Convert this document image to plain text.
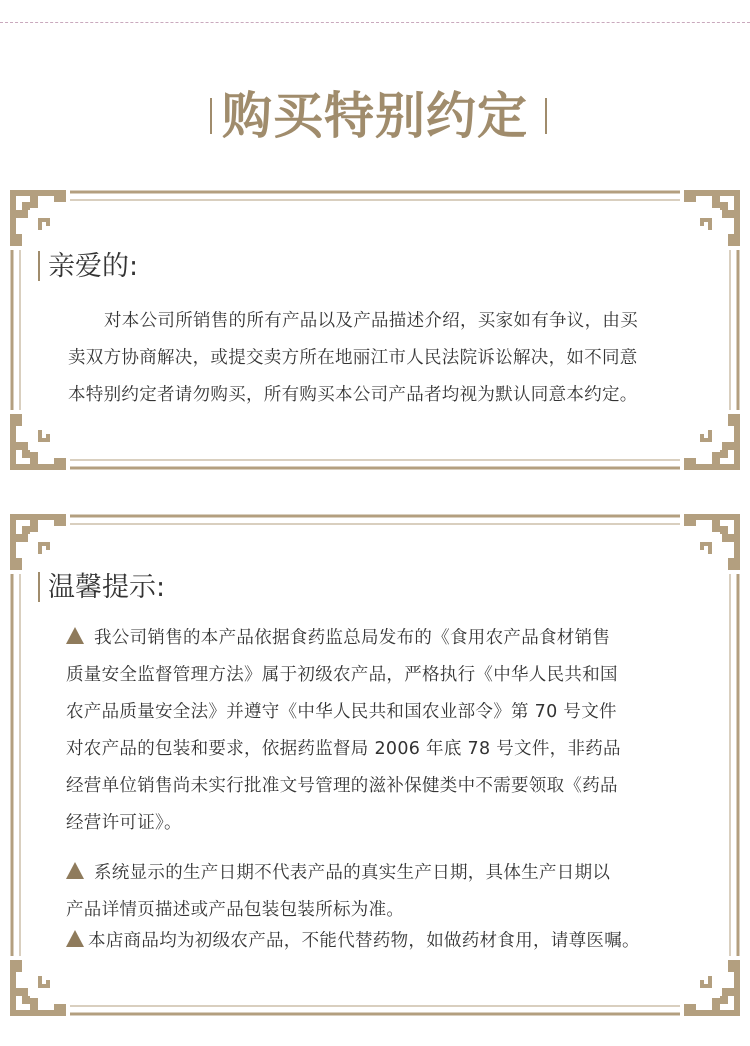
购买特别约定
亲爱的:
对本公司所销售的所有产品以及产品描述介绍，买家如有争议，由买
卖双方协商解决，或提交卖方所在地丽江市人民法院诉讼解决，如不同意
本特别约定者请勿购买，所有购买本公司产品者均视为默认同意本约定。
温馨提示:
我公司销售的本产品依据食药监总局发布的《食用农产品食材销售
质量安全监督管理方法》属于初级农产品，严格执行《中华人民共和国
农产品质量安全法》并遵守《中华人民共和国农业部令》第 70 号文件
对农产品的包装和要求，依据药监督局 2006 年底 78 号文件，非药品
经营单位销售尚未实行批准文号管理的滋补保健类中不需要领取《药品
经营许可证》。
系统显示的生产日期不代表产品的真实生产日期，具体生产日期以
产品详情页描述或产品包装包装所标为准。
本店商品均为初级农产品，不能代替药物，如做药材食用，请尊医嘱。
